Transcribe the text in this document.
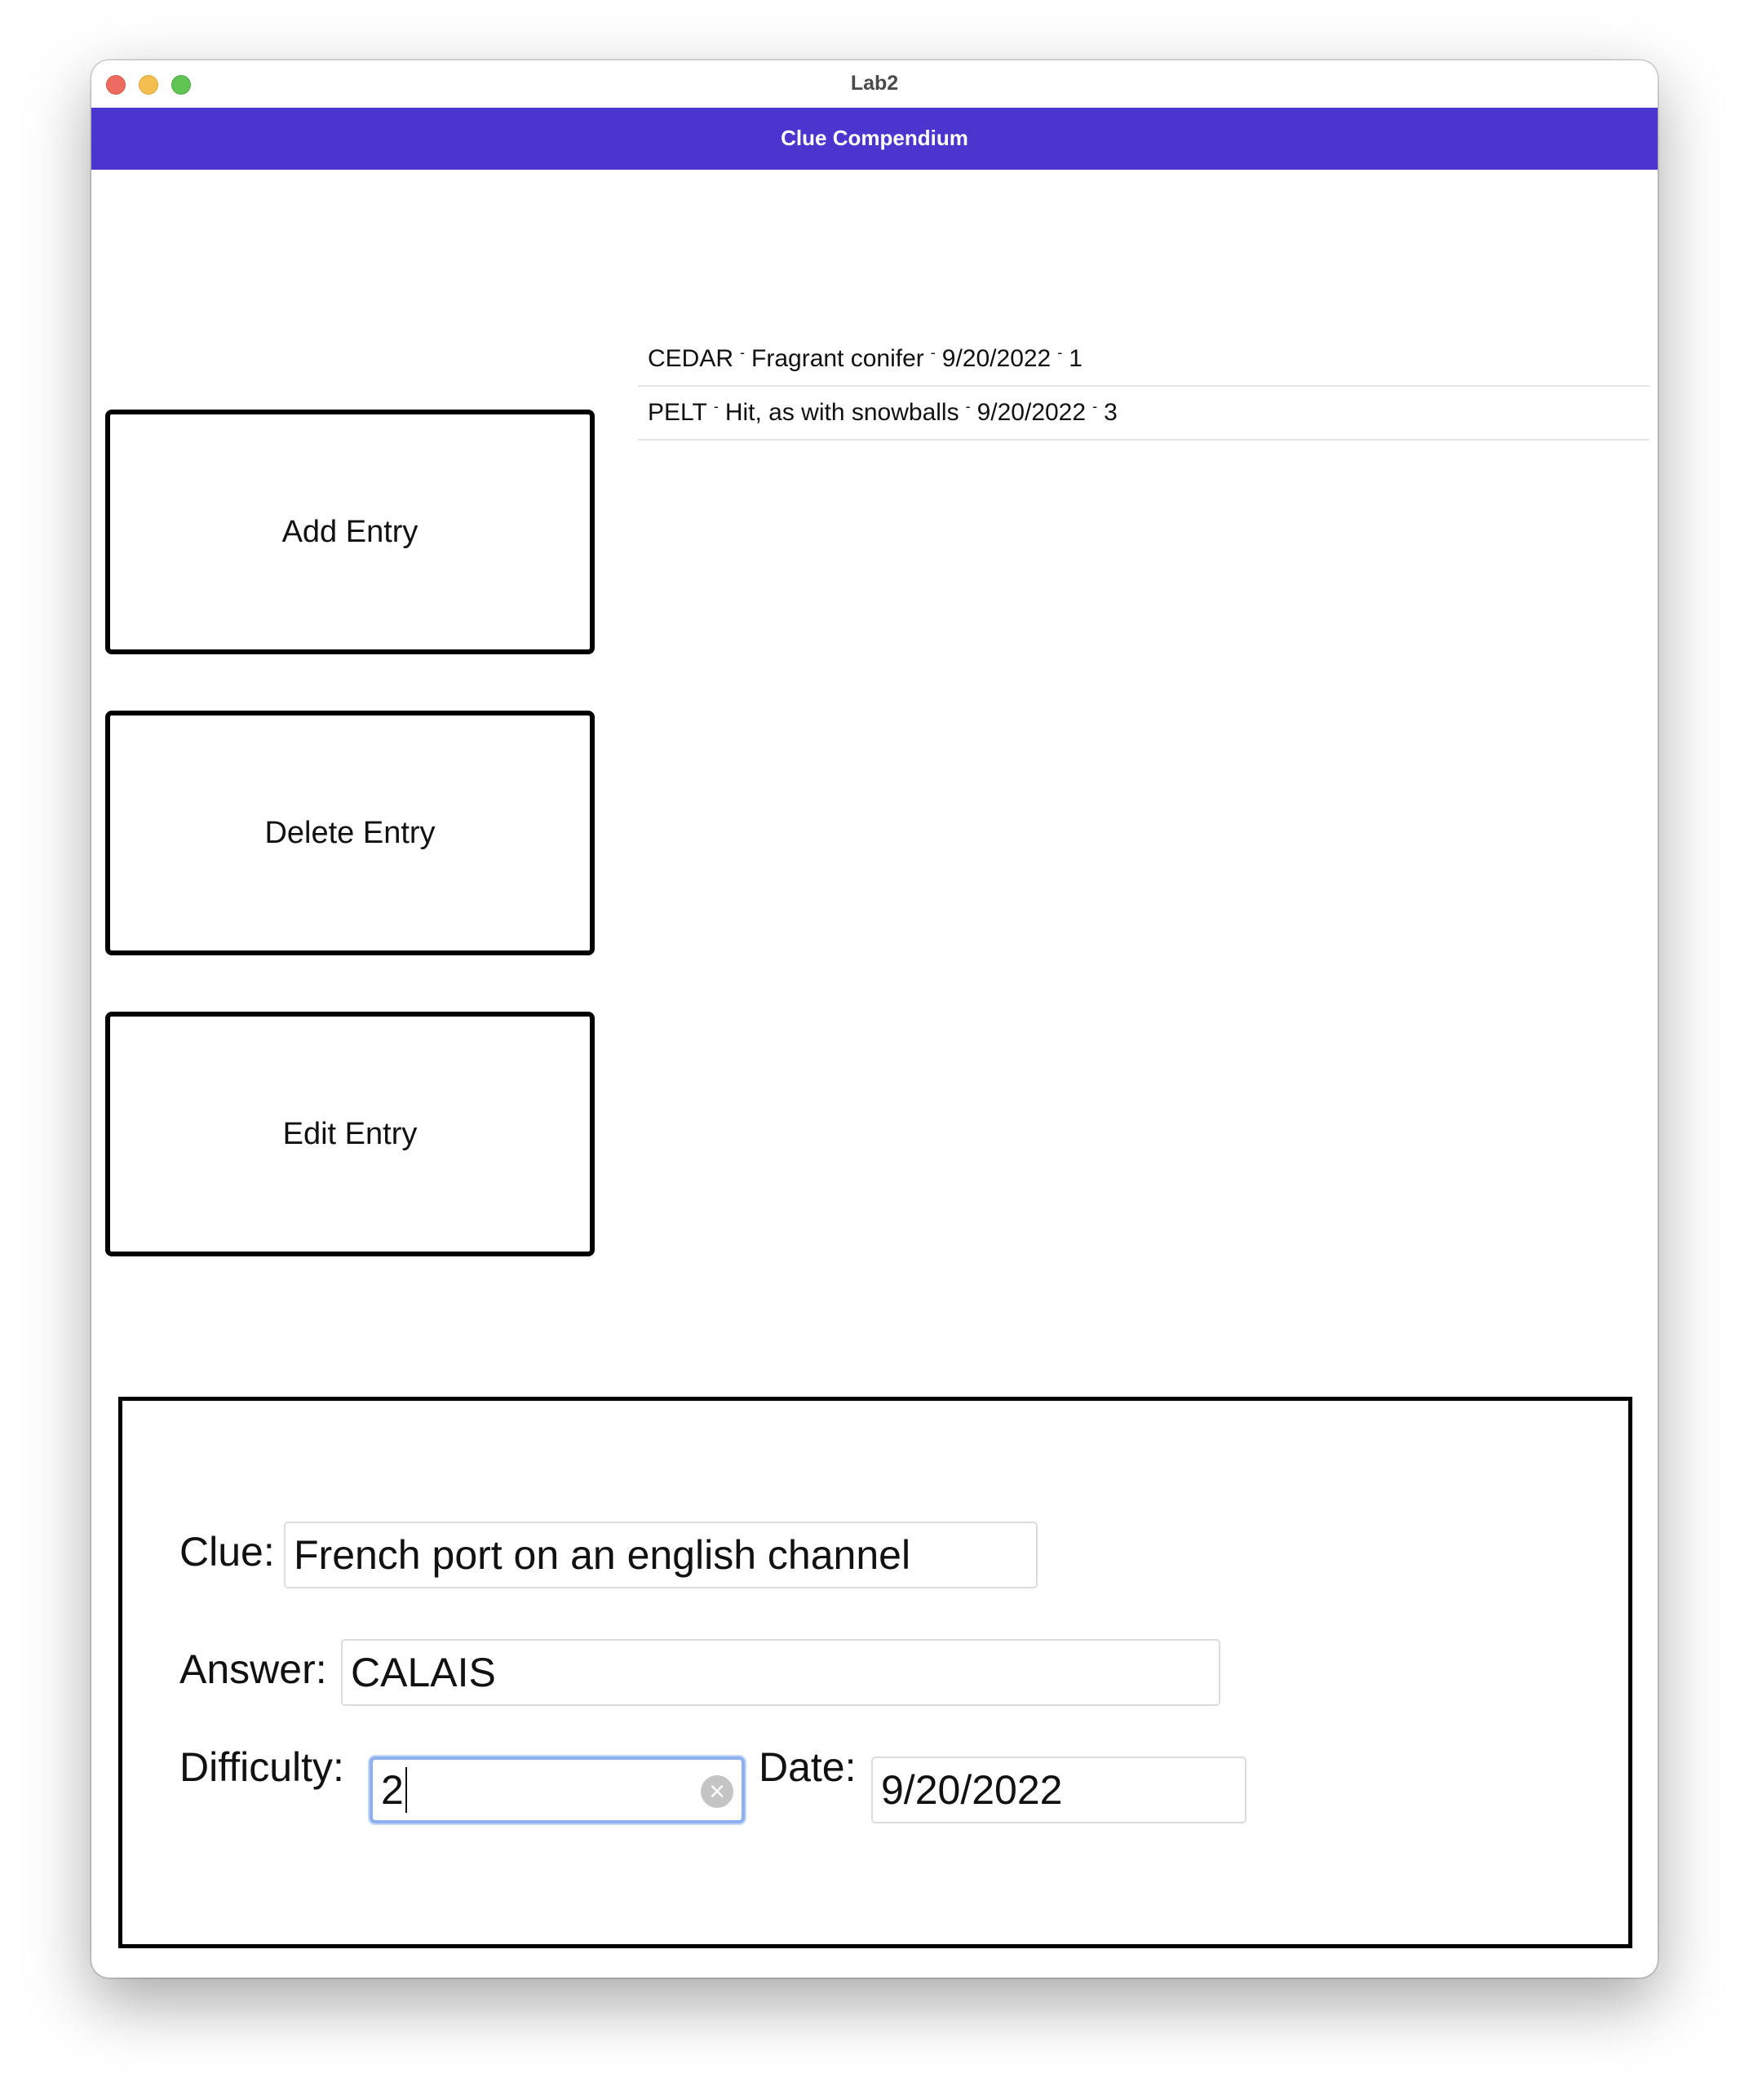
Lab2
Clue Compendium
Add Entry
Delete Entry
Edit Entry
CEDAR - Fragrant conifer - 9/20/2022 - 1
PELT - Hit, as with snowballs - 9/20/2022 - 3
Clue: French port on an english channel
Answer: CALAIS
Difficulty: 2	×
Date: 9/20/2022
